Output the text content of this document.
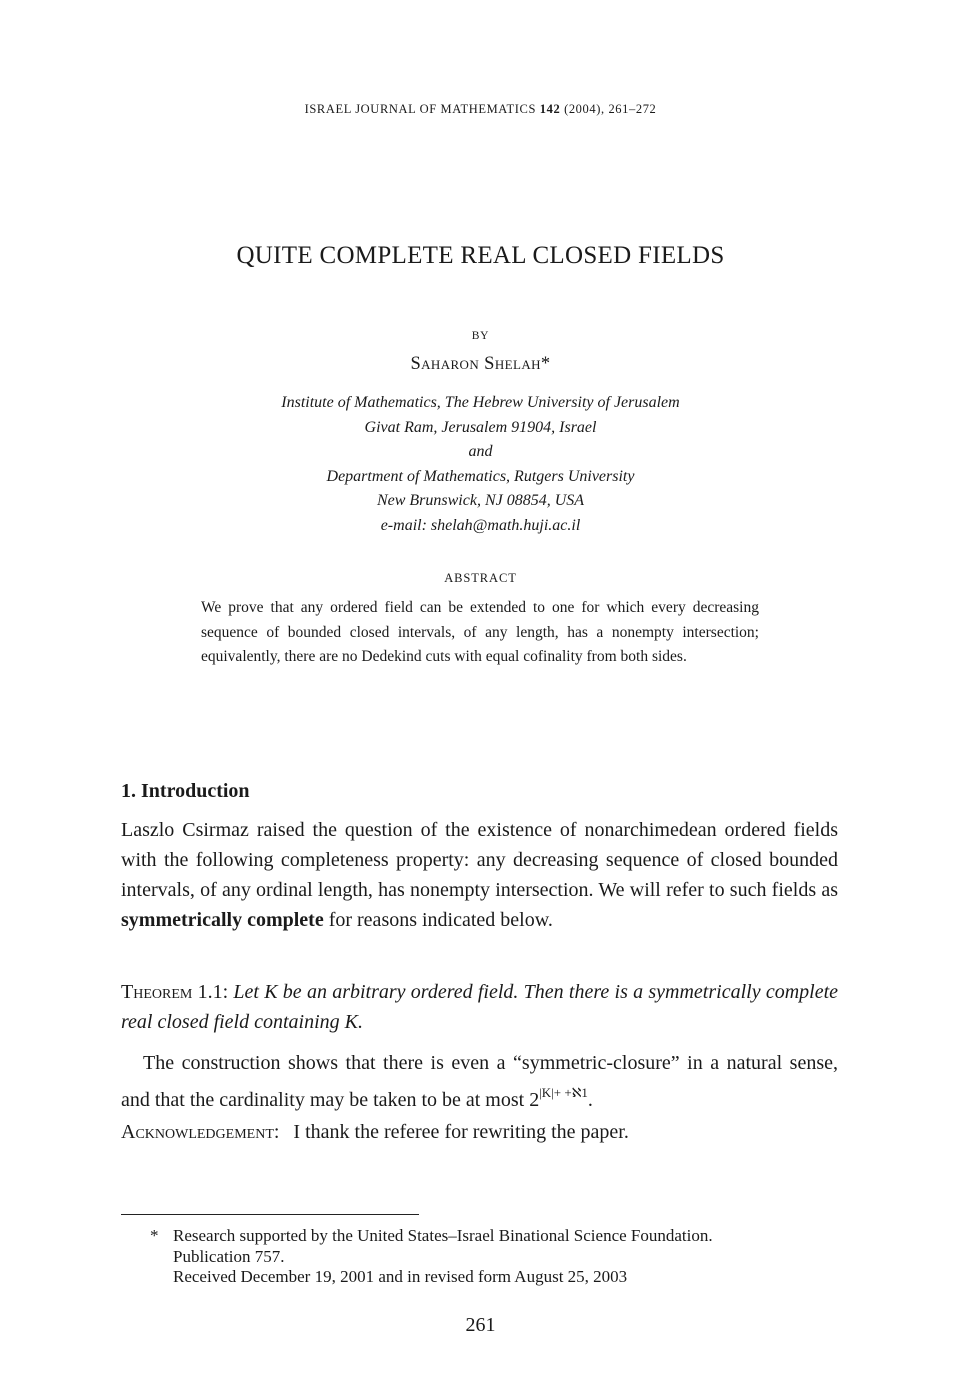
ISRAEL JOURNAL OF MATHEMATICS 142 (2004), 261–272
QUITE COMPLETE REAL CLOSED FIELDS
BY
Saharon Shelah*
Institute of Mathematics, The Hebrew University of Jerusalem
Givat Ram, Jerusalem 91904, Israel
and
Department of Mathematics, Rutgers University
New Brunswick, NJ 08854, USA
e-mail: shelah@math.huji.ac.il
ABSTRACT
We prove that any ordered field can be extended to one for which every decreasing sequence of bounded closed intervals, of any length, has a nonempty intersection; equivalently, there are no Dedekind cuts with equal cofinality from both sides.
1. Introduction
Laszlo Csirmaz raised the question of the existence of nonarchimedean ordered fields with the following completeness property: any decreasing sequence of closed bounded intervals, of any ordinal length, has nonempty intersection. We will refer to such fields as symmetrically complete for reasons indicated below.
Theorem 1.1: Let K be an arbitrary ordered field. Then there is a symmetrically complete real closed field containing K.
The construction shows that there is even a “symmetric-closure” in a natural sense, and that the cardinality may be taken to be at most $2^{|K|+ +ℵ1}$.
Acknowledgement: I thank the referee for rewriting the paper.
* Research supported by the United States–Israel Binational Science Foundation.
Publication 757.
Received December 19, 2001 and in revised form August 25, 2003
261
